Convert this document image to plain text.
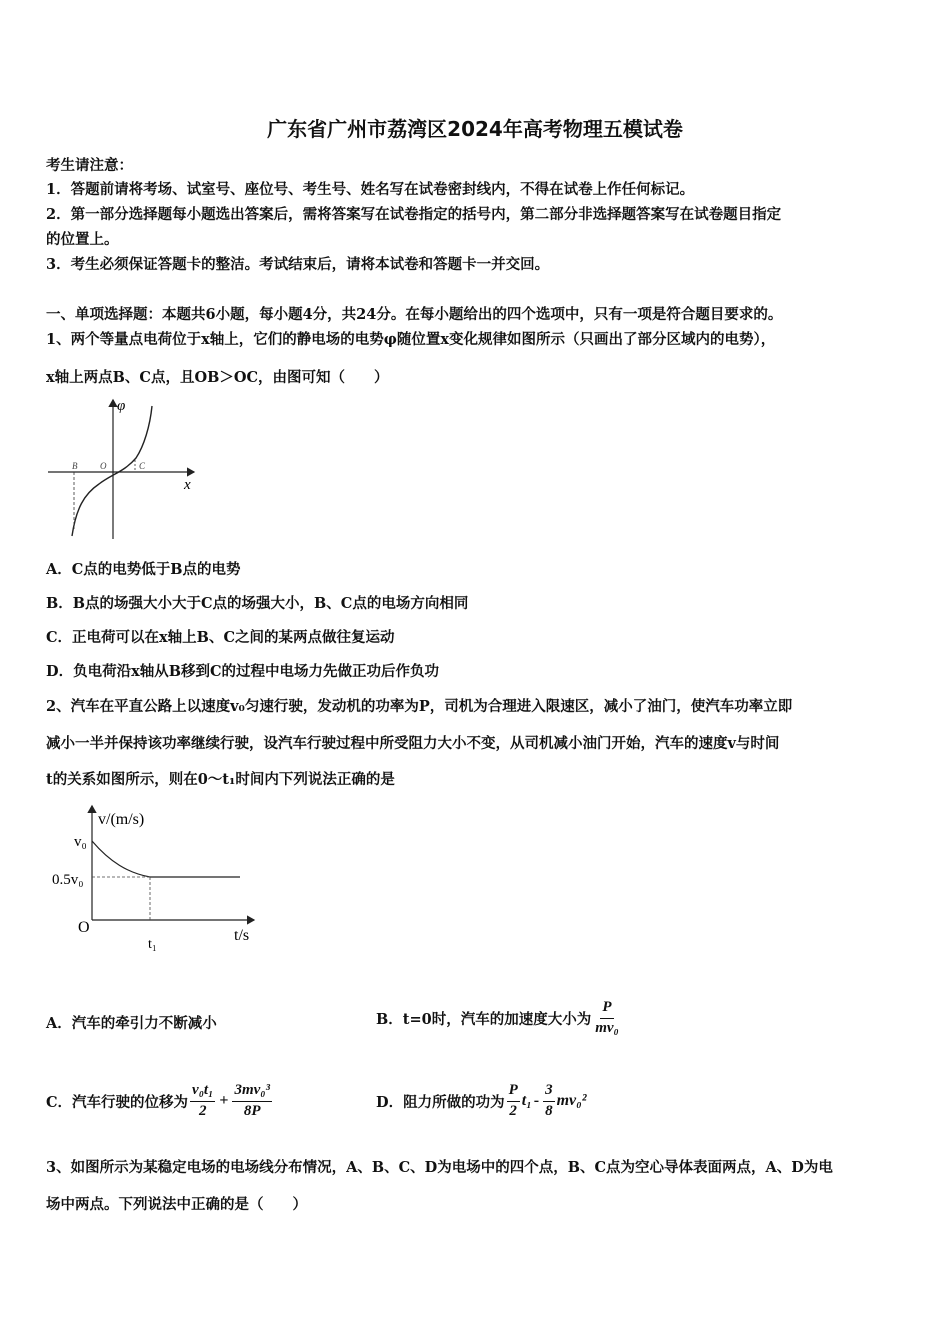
广东省广州市荔湾区2024年高考物理五模试卷
考生请注意：
1．答题前请将考场、试室号、座位号、考生号、姓名写在试卷密封线内，不得在试卷上作任何标记。
2．第一部分选择题每小题选出答案后，需将答案写在试卷指定的括号内，第二部分非选择题答案写在试卷题目指定
的位置上。
3．考生必须保证答题卡的整洁。考试结束后，请将本试卷和答题卡一并交回。
一、单项选择题：本题共6小题，每小题4分，共24分。在每小题给出的四个选项中，只有一项是符合题目要求的。
1、两个等量点电荷位于x轴上，它们的静电场的电势φ随位置x变化规律如图所示（只画出了部分区域内的电势），
x轴上两点B、C点，且OB＞OC，由图可知（　　）
φ
x
B	O	C
A．C点的电势低于B点的电势
B．B点的场强大小大于C点的场强大小，B、C点的电场方向相同
C．正电荷可以在x轴上B、C之间的某两点做往复运动
D．负电荷沿x轴从B移到C的过程中电场力先做正功后作负功
2、汽车在平直公路上以速度v₀匀速行驶，发动机的功率为P，司机为合理进入限速区，减小了油门，使汽车功率立即
减小一半并保持该功率继续行驶，设汽车行驶过程中所受阻力大小不变，从司机减小油门开始，汽车的速度v与时间
t的关系如图所示，则在0～t₁时间内下列说法正确的是
v/(m/s)
v₀
0.5v₀
O
t₁
t/s
A．汽车的牵引力不断减小	B．t=0时，汽车的加速度大小为 $\frac{P}{\text{mv₀}}$
C．汽车行驶的位移为 $\frac{\text{v₀t₁}}{2} + \frac{\text{3mv₀³}}{8P}$	D．阻力所做的功为 $\frac{P}{2} t_1 - \frac{3}{8} mv_0^2$
3、如图所示为某稳定电场的电场线分布情况，A、B、C、D为电场中的四个点，B、C点为空心导体表面两点，A、D为电
场中两点。下列说法中正确的是（　　）
